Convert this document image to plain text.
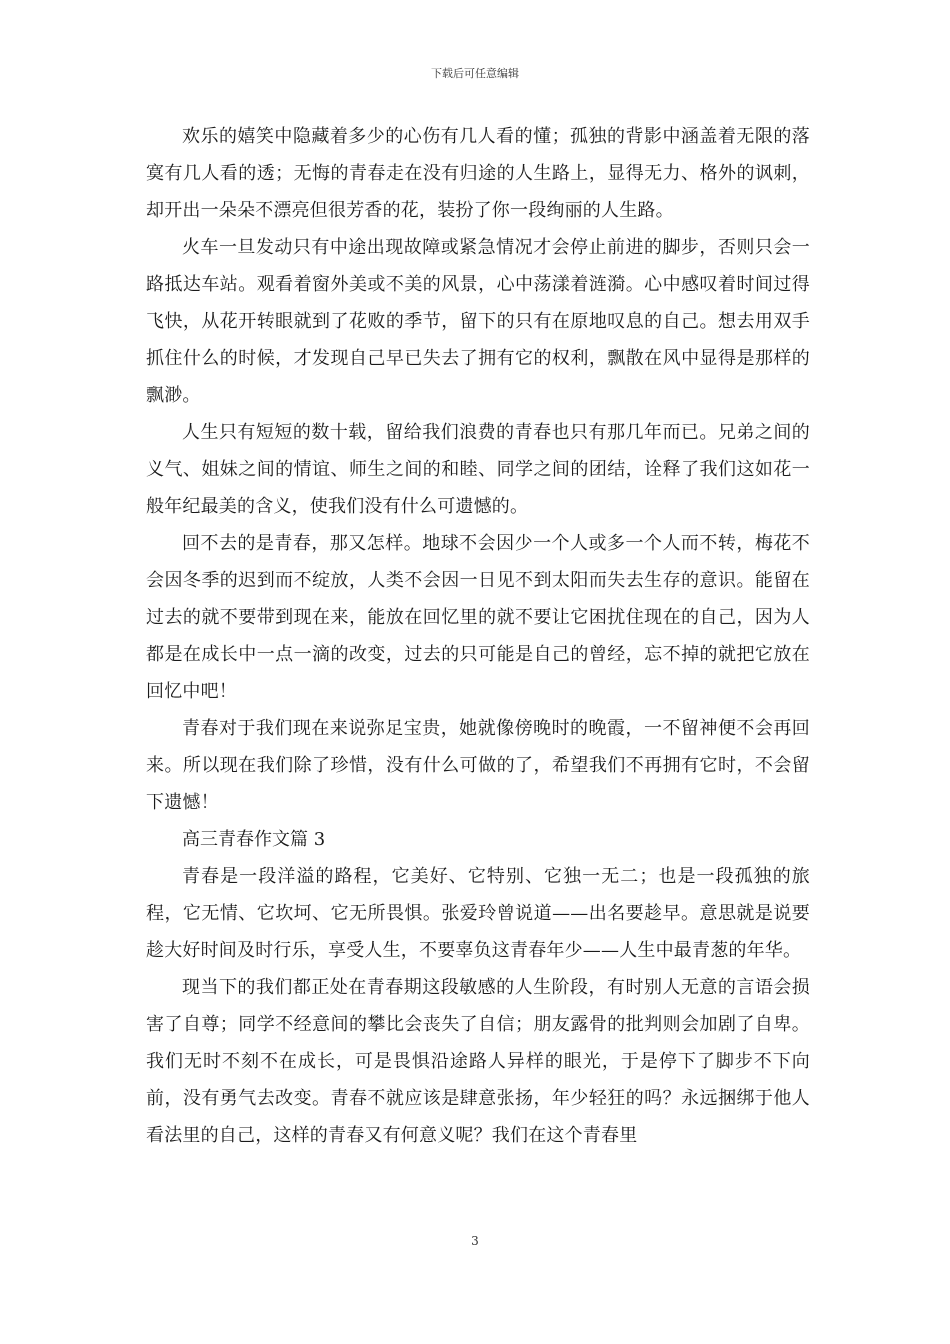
下载后可任意编辑

欢乐的嬉笑中隐藏着多少的心伤有几人看的懂；孤独的背影中涵盖着无限的落寞有几人看的透；无悔的青春走在没有归途的人生路上，显得无力、格外的讽刺，却开出一朵朵不漂亮但很芳香的花，装扮了你一段绚丽的人生路。

火车一旦发动只有中途出现故障或紧急情况才会停止前进的脚步，否则只会一路抵达车站。观看着窗外美或不美的风景，心中荡漾着涟漪。心中感叹着时间过得飞快，从花开转眼就到了花败的季节，留下的只有在原地叹息的自己。想去用双手抓住什么的时候，才发现自己早已失去了拥有它的权利，飘散在风中显得是那样的飘渺。

人生只有短短的数十载，留给我们浪费的青春也只有那几年而已。兄弟之间的义气、姐妹之间的情谊、师生之间的和睦、同学之间的团结，诠释了我们这如花一般年纪最美的含义，使我们没有什么可遗憾的。

回不去的是青春，那又怎样。地球不会因少一个人或多一个人而不转，梅花不会因冬季的迟到而不绽放，人类不会因一日见不到太阳而失去生存的意识。能留在过去的就不要带到现在来，能放在回忆里的就不要让它困扰住现在的自己，因为人都是在成长中一点一滴的改变，过去的只可能是自己的曾经，忘不掉的就把它放在回忆中吧！

青春对于我们现在来说弥足宝贵，她就像傍晚时的晚霞，一不留神便不会再回来。所以现在我们除了珍惜，没有什么可做的了，希望我们不再拥有它时，不会留下遗憾！

高三青春作文篇 3

青春是一段洋溢的路程，它美好、它特别、它独一无二；也是一段孤独的旅程，它无情、它坎坷、它无所畏惧。张爱玲曾说道——出名要趁早。意思就是说要趁大好时间及时行乐，享受人生，不要辜负这青春年少——人生中最青葱的年华。

现当下的我们都正处在青春期这段敏感的人生阶段，有时别人无意的言语会损害了自尊；同学不经意间的攀比会丧失了自信；朋友露骨的批判则会加剧了自卑。我们无时不刻不在成长，可是畏惧沿途路人异样的眼光，于是停下了脚步不下向前，没有勇气去改变。青春不就应该是肆意张扬，年少轻狂的吗？永远捆绑于他人看法里的自己，这样的青春又有何意义呢？我们在这个青春里

3
